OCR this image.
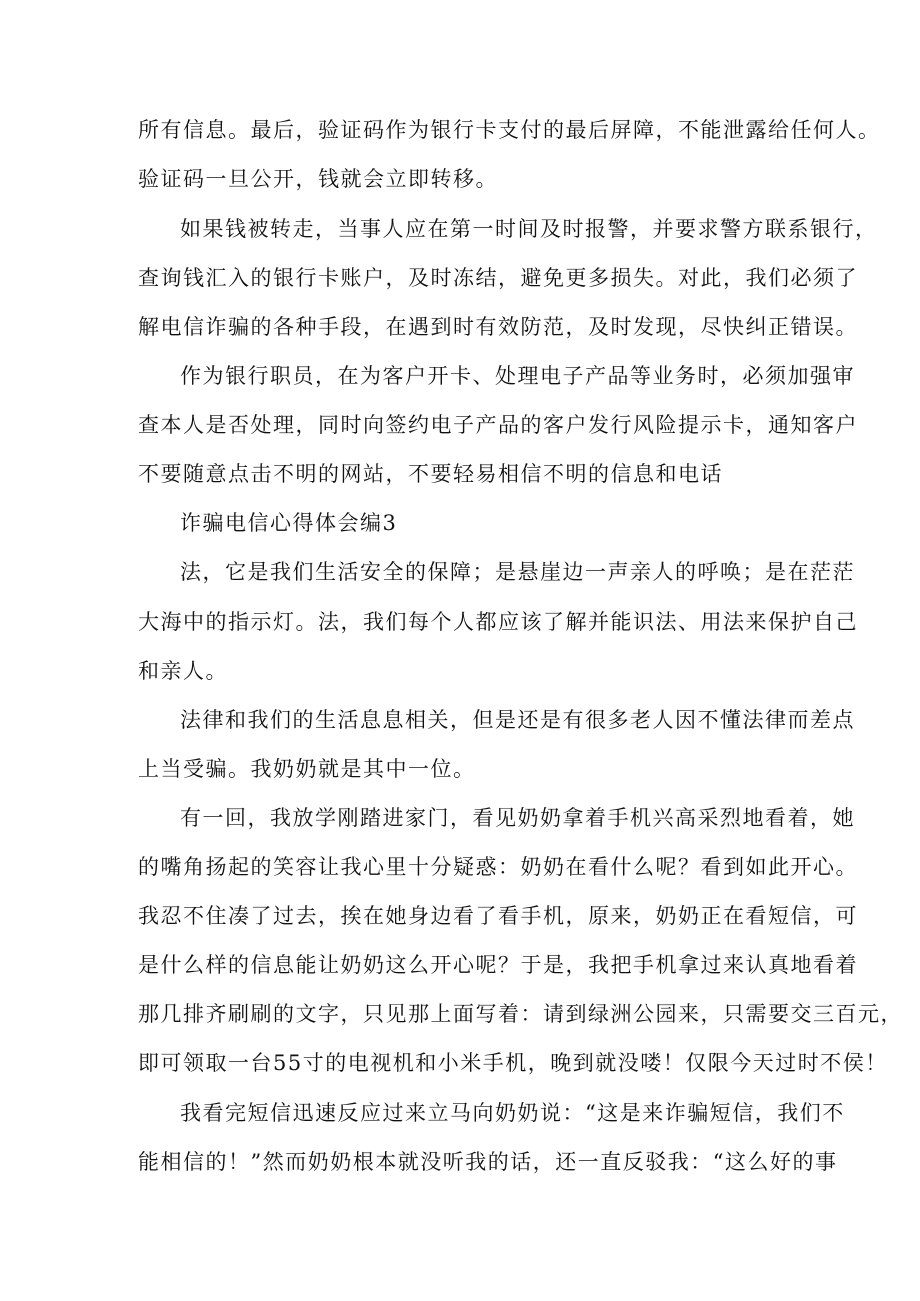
所有信息。最后，验证码作为银行卡支付的最后屏障，不能泄露给任何人。
验证码一旦公开，钱就会立即转移。
如果钱被转走，当事人应在第一时间及时报警，并要求警方联系银行，
查询钱汇入的银行卡账户，及时冻结，避免更多损失。对此，我们必须了
解电信诈骗的各种手段，在遇到时有效防范，及时发现，尽快纠正错误。
作为银行职员，在为客户开卡、处理电子产品等业务时，必须加强审
查本人是否处理，同时向签约电子产品的客户发行风险提示卡，通知客户
不要随意点击不明的网站，不要轻易相信不明的信息和电话
诈骗电信心得体会编3
法，它是我们生活安全的保障；是悬崖边一声亲人的呼唤；是在茫茫
大海中的指示灯。法，我们每个人都应该了解并能识法、用法来保护自己
和亲人。
法律和我们的生活息息相关，但是还是有很多老人因不懂法律而差点
上当受骗。我奶奶就是其中一位。
有一回，我放学刚踏进家门，看见奶奶拿着手机兴高采烈地看着，她
的嘴角扬起的笑容让我心里十分疑惑：奶奶在看什么呢？看到如此开心。
我忍不住凑了过去，挨在她身边看了看手机，原来，奶奶正在看短信，可
是什么样的信息能让奶奶这么开心呢？于是，我把手机拿过来认真地看着
那几排齐刷刷的文字，只见那上面写着：请到绿洲公园来，只需要交三百元，
即可领取一台55寸的电视机和小米手机，晚到就没喽！仅限今天过时不侯！
我看完短信迅速反应过来立马向奶奶说：“这是来诈骗短信，我们不
能相信的！”然而奶奶根本就没听我的话，还一直反驳我：“这么好的事
